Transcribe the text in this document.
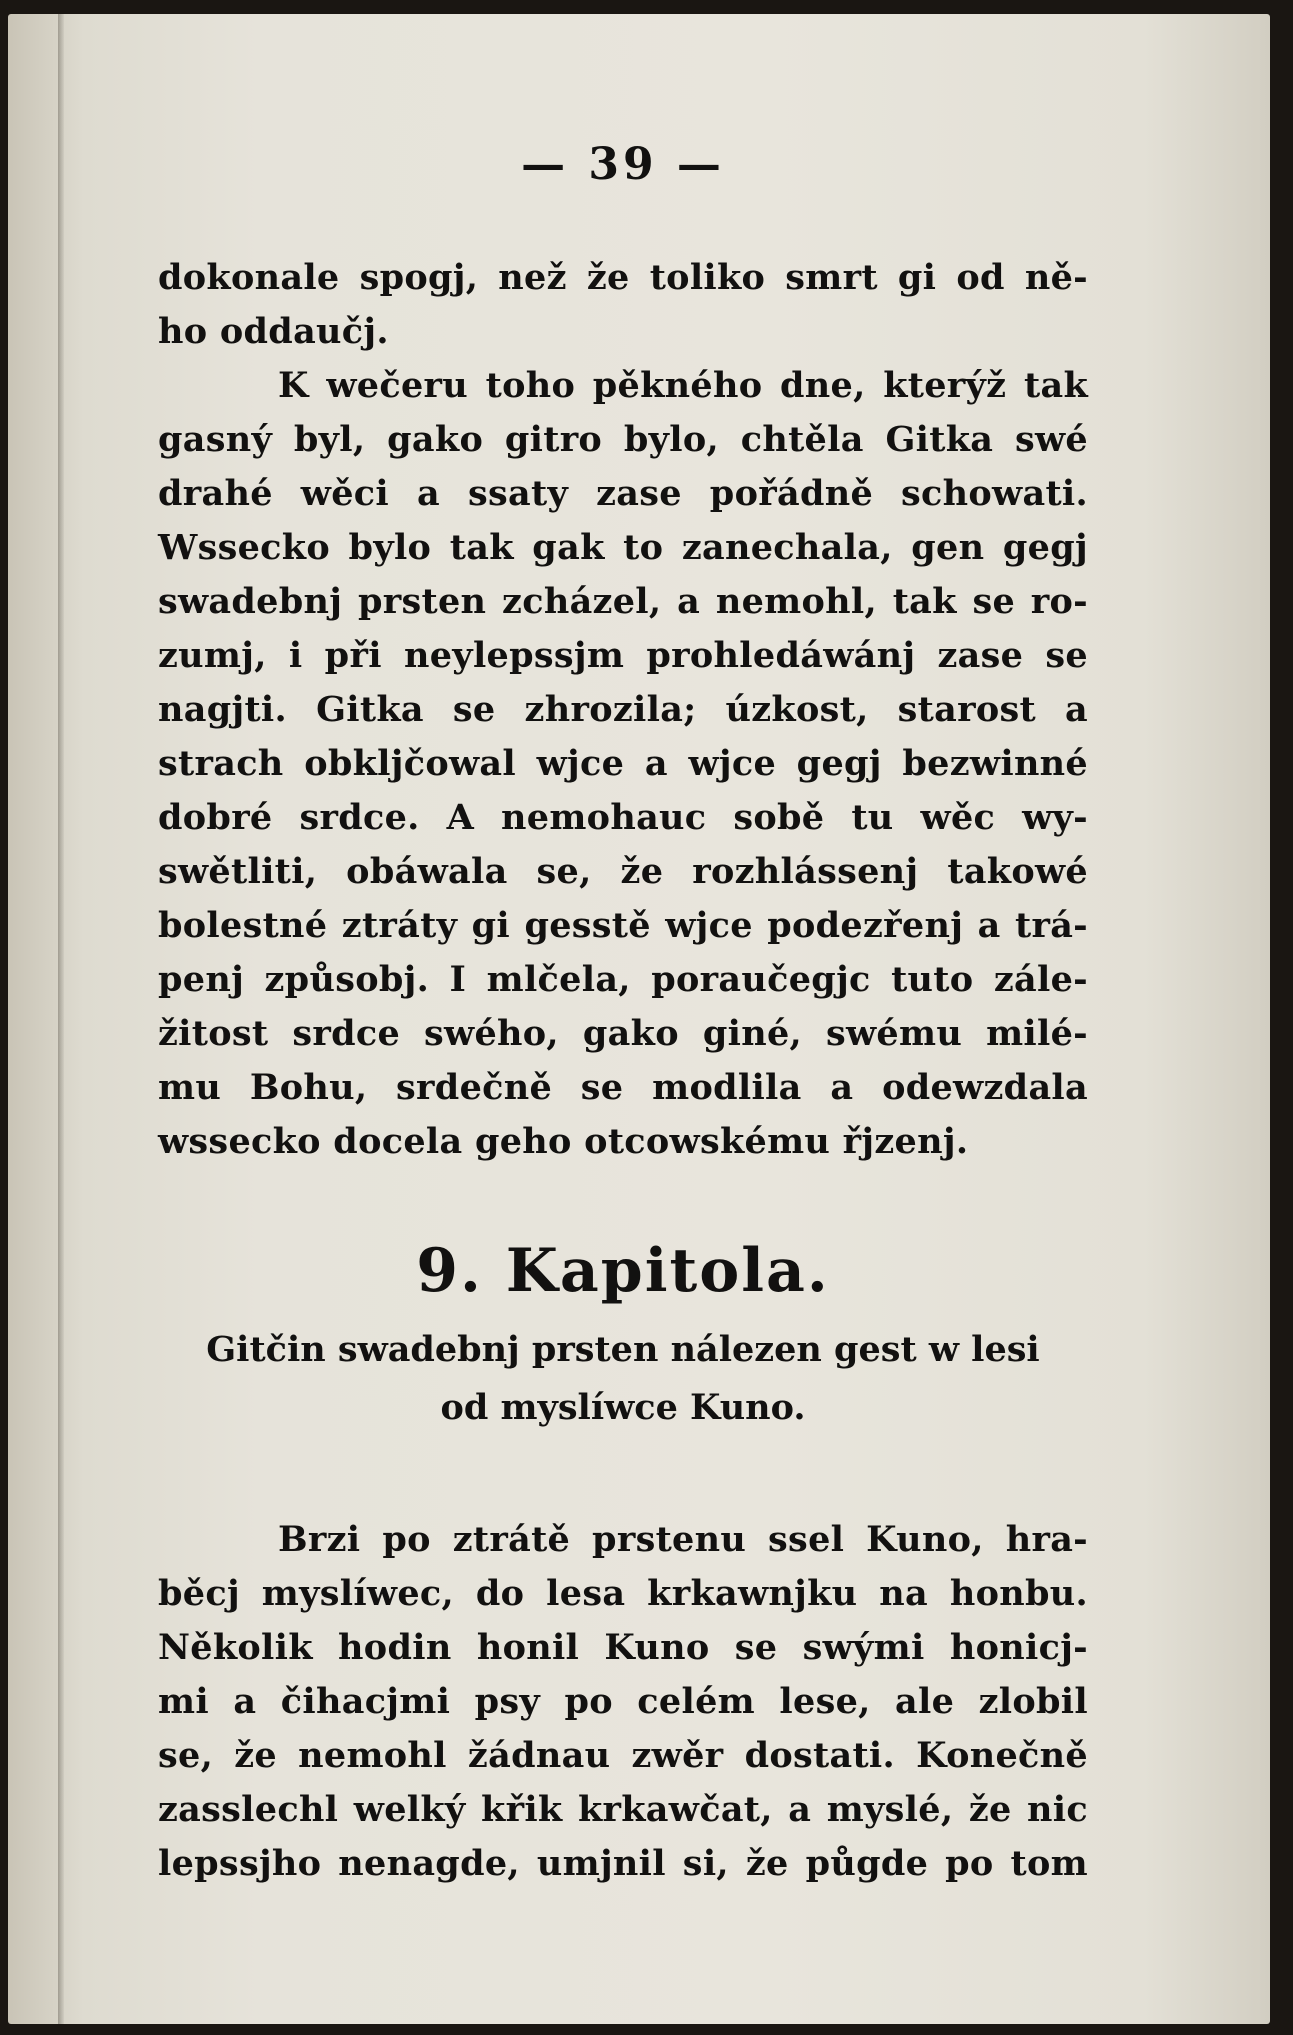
— 39 —

dokonale spogj, než že toliko smrt gi od ně-

ho oddaučj.

K wečeru toho pěkného dne, kterýž tak

gasný byl, gako gitro bylo, chtěla Gitka swé

drahé wěci a ssaty zase pořádně schowati.

Wssecko bylo tak gak to zanechala, gen gegj

swadebnj prsten zcházel, a nemohl, tak se ro-

zumj, i při neylepssjm prohledáwánj zase se

nagjti. Gitka se zhrozila; úzkost, starost a

strach obkljčowal wjce a wjce gegj bezwinné

dobré srdce. A nemohauc sobě tu wěc wy-

swětliti, obáwala se, že rozhlássenj takowé

bolestné ztráty gi gesstě wjce podezřenj a trá-

penj způsobj. I mlčela, poraučegjc tuto zále-

žitost srdce swého, gako giné, swému milé-

mu Bohu, srdečně se modlila a odewzdala

wssecko docela geho otcowskému řjzenj.

9. Kapitola.

Gitčin swadebnj prsten nálezen gest w lesi

od myslíwce Kuno.

Brzi po ztrátě prstenu ssel Kuno, hra-

běcj myslíwec, do lesa krkawnjku na honbu.

Několik hodin honil Kuno se swými honicj-

mi a čihacjmi psy po celém lese, ale zlobil

se, že nemohl žádnau zwěr dostati. Konečně

zasslechl welký křik krkawčat, a myslé, že nic

lepssjho nenagde, umjnil si, že půgde po tom
